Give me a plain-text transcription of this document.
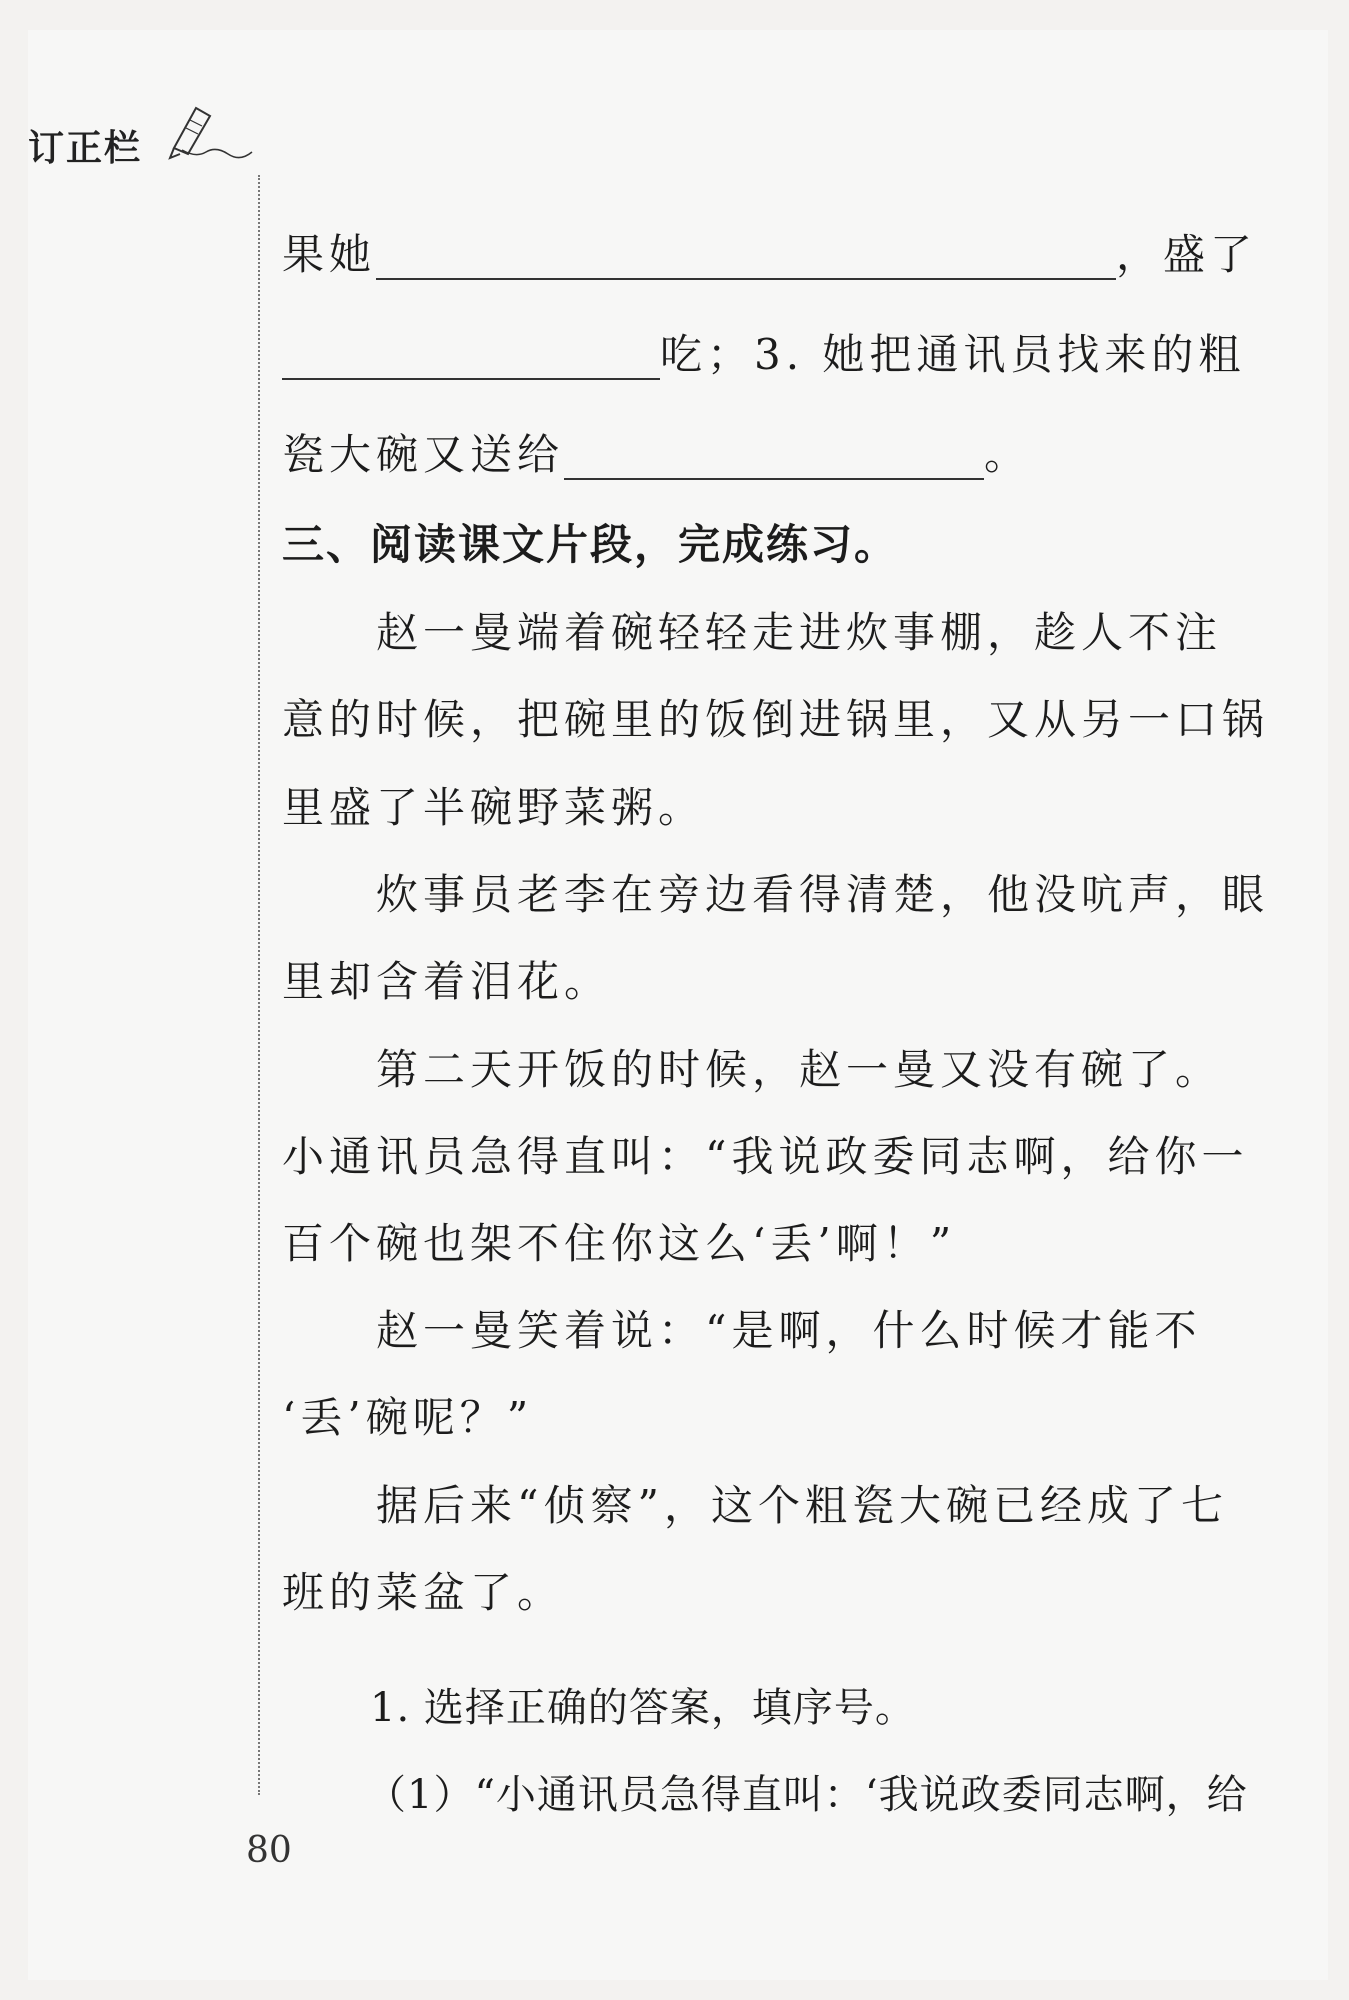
订正栏
果她	，盛了
吃；3. 她把通讯员找来的粗
瓷大碗又送给	。
三、阅读课文片段，完成练习。
赵一曼端着碗轻轻走进炊事棚，趁人不注
意的时候，把碗里的饭倒进锅里，又从另一口锅
里盛了半碗野菜粥。
炊事员老李在旁边看得清楚，他没吭声，眼
里却含着泪花。
第二天开饭的时候，赵一曼又没有碗了。
小通讯员急得直叫：“我说政委同志啊，给你一
百个碗也架不住你这么‘丢’啊！”
赵一曼笑着说：“是啊，什么时候才能不
‘丢’碗呢？”
据后来“侦察”，这个粗瓷大碗已经成了七
班的菜盆了。
1. 选择正确的答案，填序号。
（1）“小通讯员急得直叫：‘我说政委同志啊，给
80
